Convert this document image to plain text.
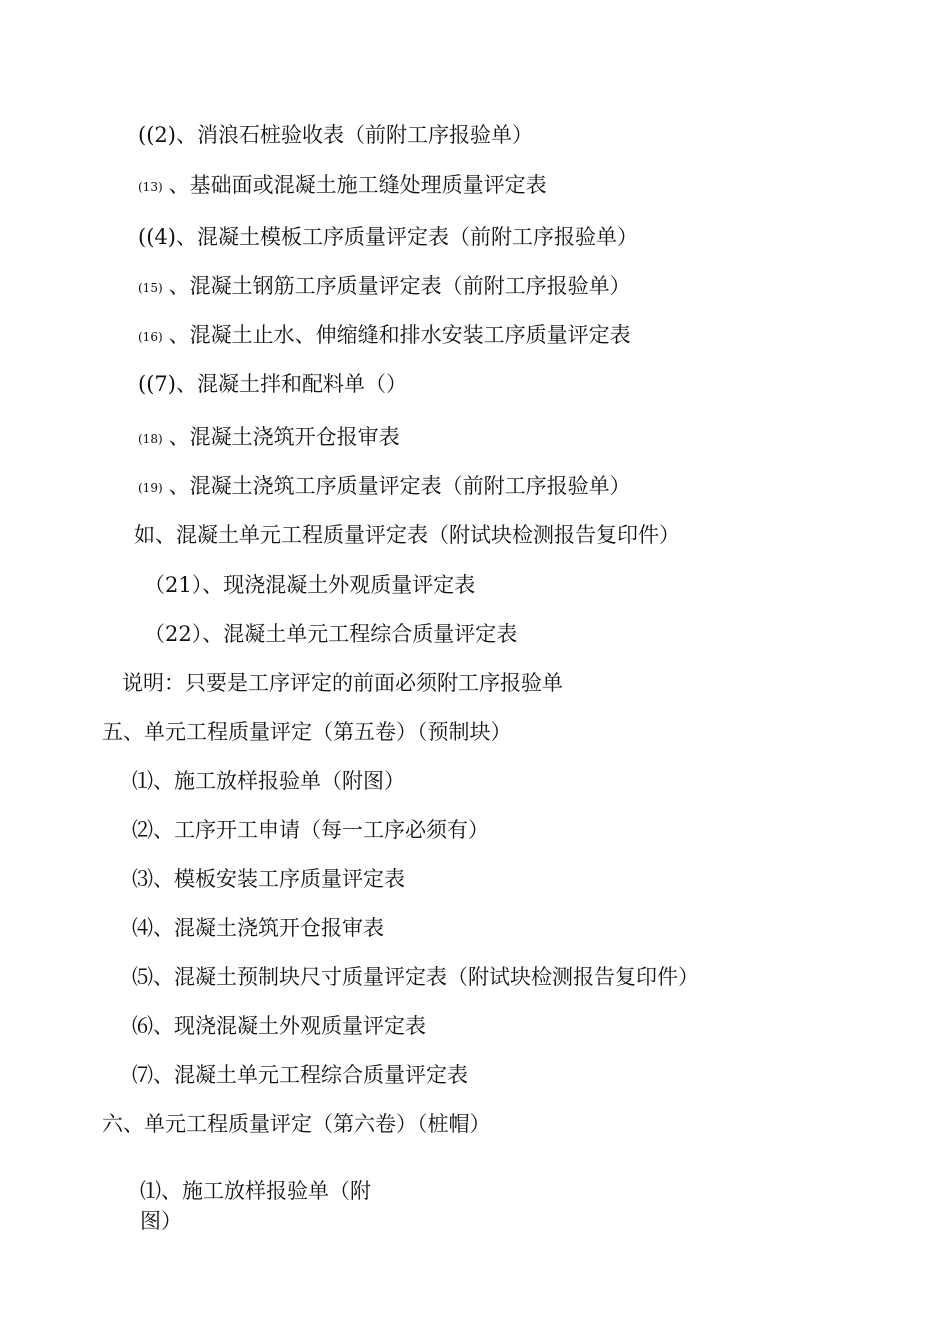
((2)、消浪石桩验收表（前附工序报验单）
(13) 、基础面或混凝土施工缝处理质量评定表
((4)、混凝土模板工序质量评定表（前附工序报验单）
(15) 、混凝土钢筋工序质量评定表（前附工序报验单）
(16) 、混凝土止水、伸缩缝和排水安装工序质量评定表
((7)、混凝土拌和配料单（）
(18) 、混凝土浇筑开仓报审表
(19) 、混凝土浇筑工序质量评定表（前附工序报验单）
如、混凝土单元工程质量评定表（附试块检测报告复印件）
（21）、现浇混凝土外观质量评定表
（22）、混凝土单元工程综合质量评定表
说明：只要是工序评定的前面必须附工序报验单
五、单元工程质量评定（第五卷）（预制块）
⑴、施工放样报验单（附图）
⑵、工序开工申请（每一工序必须有）
⑶、模板安装工序质量评定表
⑷、混凝土浇筑开仓报审表
⑸、混凝土预制块尺寸质量评定表（附试块检测报告复印件）
⑹、现浇混凝土外观质量评定表
⑺、混凝土单元工程综合质量评定表
六、单元工程质量评定（第六卷）（桩帽）
⑴、施工放样报验单（附图）
